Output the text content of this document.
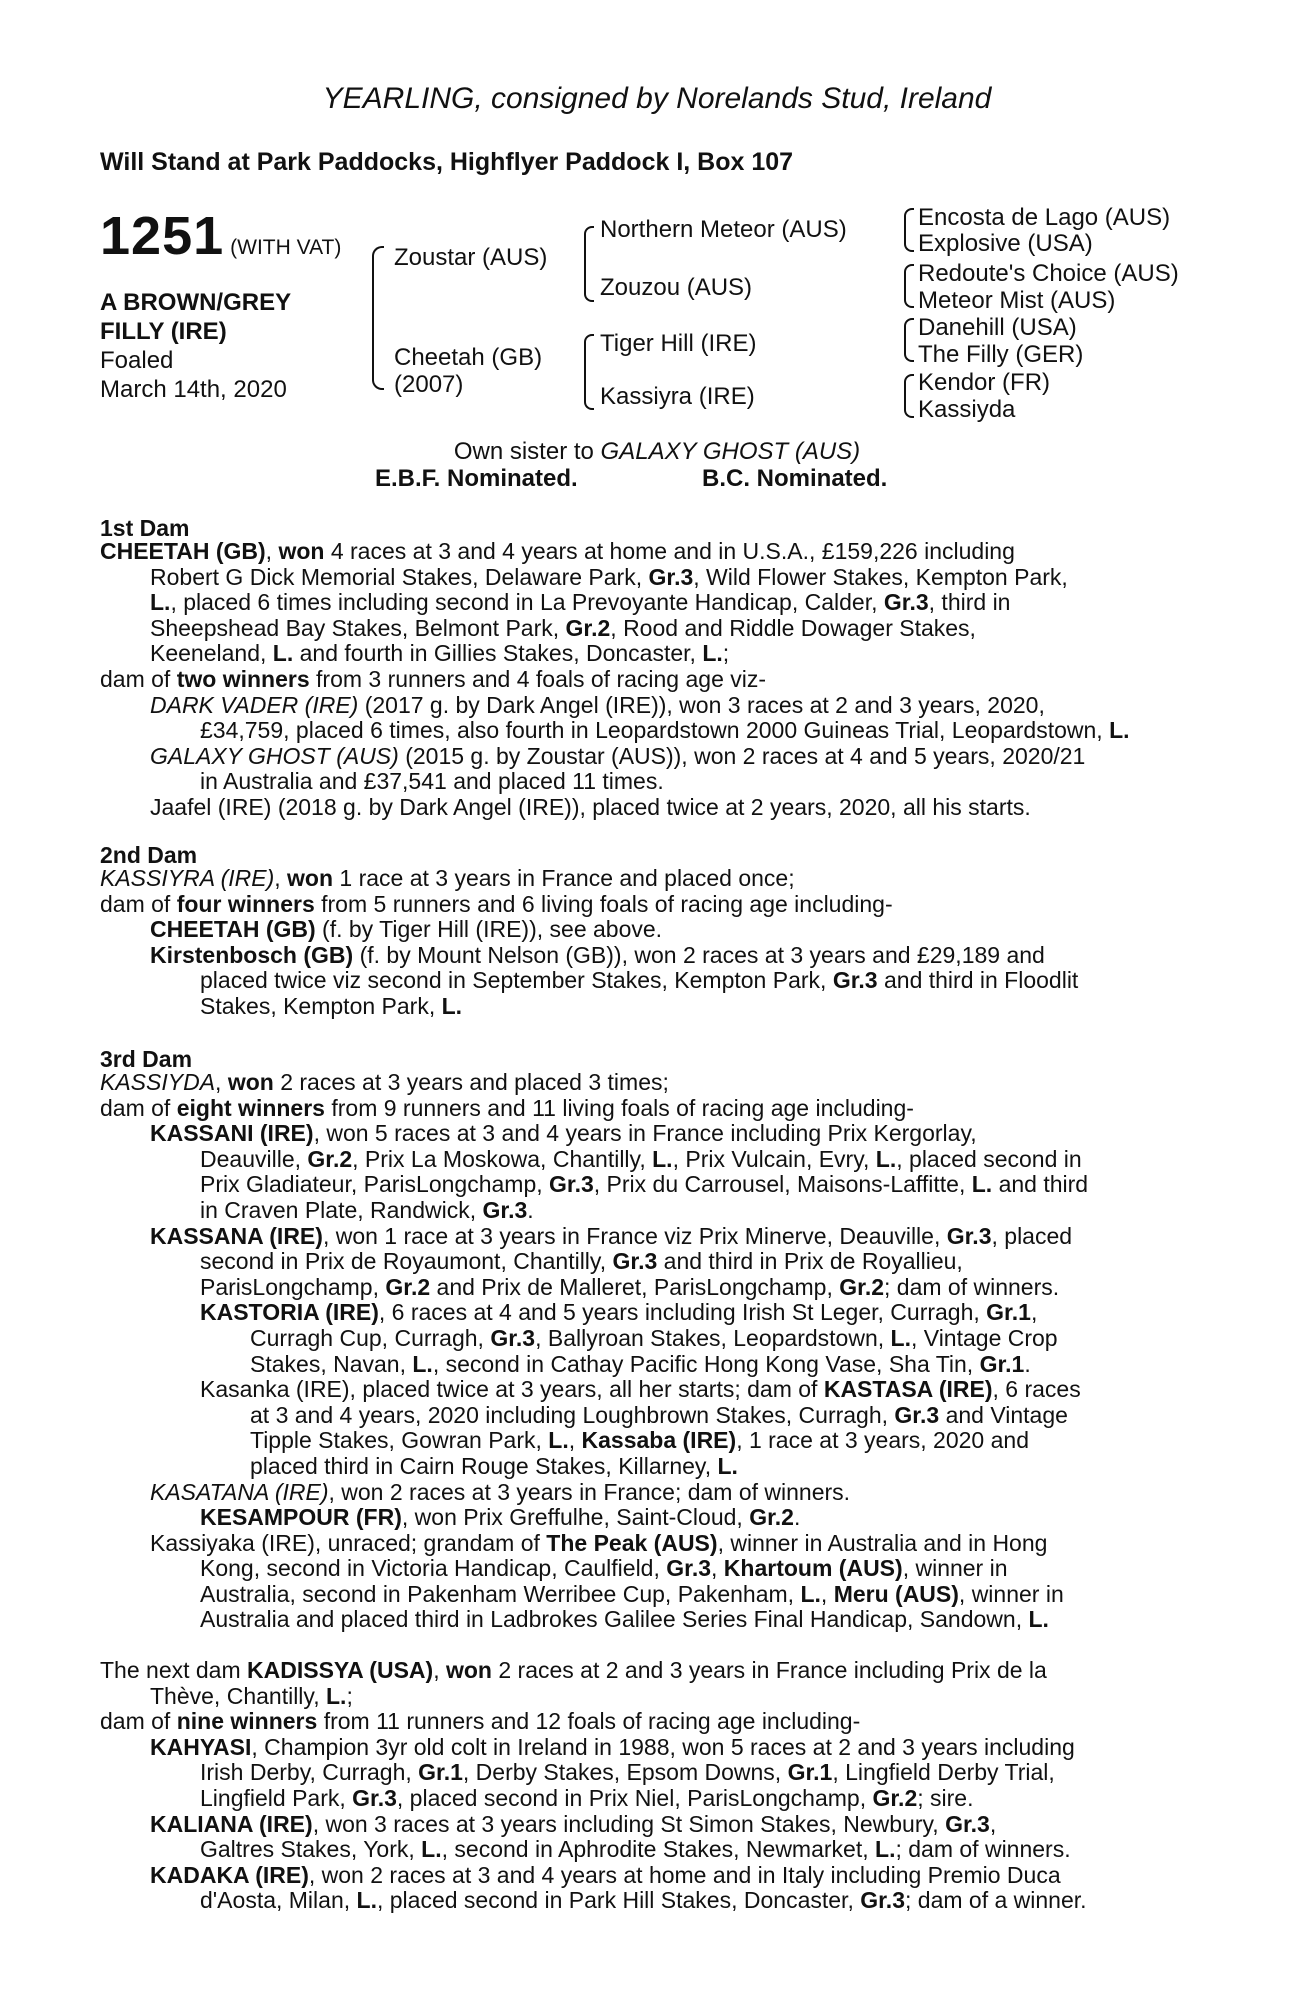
YEARLING, consigned by Norelands Stud, Ireland
Will Stand at Park Paddocks, Highflyer Paddock I, Box 107
1251 (WITH VAT)
A BROWN/GREY
FILLY (IRE)
Foaled
March 14th, 2020
Zoustar (AUS)
Cheetah (GB)
(2007)
Northern Meteor (AUS)
Zouzou (AUS)
Tiger Hill (IRE)
Kassiyra (IRE)
Encosta de Lago (AUS)
Explosive (USA)
Redoute's Choice (AUS)
Meteor Mist (AUS)
Danehill (USA)
The Filly (GER)
Kendor (FR)
Kassiyda
Own sister to GALAXY GHOST (AUS)
E.B.F. Nominated.	B.C. Nominated.
1st Dam
CHEETAH (GB), won 4 races at 3 and 4 years at home and in U.S.A., £159,226 including
Robert G Dick Memorial Stakes, Delaware Park, Gr.3, Wild Flower Stakes, Kempton Park,
L., placed 6 times including second in La Prevoyante Handicap, Calder, Gr.3, third in
Sheepshead Bay Stakes, Belmont Park, Gr.2, Rood and Riddle Dowager Stakes,
Keeneland, L. and fourth in Gillies Stakes, Doncaster, L.;
dam of two winners from 3 runners and 4 foals of racing age viz-
DARK VADER (IRE) (2017 g. by Dark Angel (IRE)), won 3 races at 2 and 3 years, 2020,
£34,759, placed 6 times, also fourth in Leopardstown 2000 Guineas Trial, Leopardstown, L.
GALAXY GHOST (AUS) (2015 g. by Zoustar (AUS)), won 2 races at 4 and 5 years, 2020/21
in Australia and £37,541 and placed 11 times.
Jaafel (IRE) (2018 g. by Dark Angel (IRE)), placed twice at 2 years, 2020, all his starts.
2nd Dam
KASSIYRA (IRE), won 1 race at 3 years in France and placed once;
dam of four winners from 5 runners and 6 living foals of racing age including-
CHEETAH (GB) (f. by Tiger Hill (IRE)), see above.
Kirstenbosch (GB) (f. by Mount Nelson (GB)), won 2 races at 3 years and £29,189 and
placed twice viz second in September Stakes, Kempton Park, Gr.3 and third in Floodlit
Stakes, Kempton Park, L.
3rd Dam
KASSIYDA, won 2 races at 3 years and placed 3 times;
dam of eight winners from 9 runners and 11 living foals of racing age including-
KASSANI (IRE), won 5 races at 3 and 4 years in France including Prix Kergorlay,
Deauville, Gr.2, Prix La Moskowa, Chantilly, L., Prix Vulcain, Evry, L., placed second in
Prix Gladiateur, ParisLongchamp, Gr.3, Prix du Carrousel, Maisons-Laffitte, L. and third
in Craven Plate, Randwick, Gr.3.
KASSANA (IRE), won 1 race at 3 years in France viz Prix Minerve, Deauville, Gr.3, placed
second in Prix de Royaumont, Chantilly, Gr.3 and third in Prix de Royallieu,
ParisLongchamp, Gr.2 and Prix de Malleret, ParisLongchamp, Gr.2; dam of winners.
KASTORIA (IRE), 6 races at 4 and 5 years including Irish St Leger, Curragh, Gr.1,
Curragh Cup, Curragh, Gr.3, Ballyroan Stakes, Leopardstown, L., Vintage Crop
Stakes, Navan, L., second in Cathay Pacific Hong Kong Vase, Sha Tin, Gr.1.
Kasanka (IRE), placed twice at 3 years, all her starts; dam of KASTASA (IRE), 6 races
at 3 and 4 years, 2020 including Loughbrown Stakes, Curragh, Gr.3 and Vintage
Tipple Stakes, Gowran Park, L., Kassaba (IRE), 1 race at 3 years, 2020 and
placed third in Cairn Rouge Stakes, Killarney, L.
KASATANA (IRE), won 2 races at 3 years in France; dam of winners.
KESAMPOUR (FR), won Prix Greffulhe, Saint-Cloud, Gr.2.
Kassiyaka (IRE), unraced; grandam of The Peak (AUS), winner in Australia and in Hong
Kong, second in Victoria Handicap, Caulfield, Gr.3, Khartoum (AUS), winner in
Australia, second in Pakenham Werribee Cup, Pakenham, L., Meru (AUS), winner in
Australia and placed third in Ladbrokes Galilee Series Final Handicap, Sandown, L.
The next dam KADISSYA (USA), won 2 races at 2 and 3 years in France including Prix de la
Thève, Chantilly, L.;
dam of nine winners from 11 runners and 12 foals of racing age including-
KAHYASI, Champion 3yr old colt in Ireland in 1988, won 5 races at 2 and 3 years including
Irish Derby, Curragh, Gr.1, Derby Stakes, Epsom Downs, Gr.1, Lingfield Derby Trial,
Lingfield Park, Gr.3, placed second in Prix Niel, ParisLongchamp, Gr.2; sire.
KALIANA (IRE), won 3 races at 3 years including St Simon Stakes, Newbury, Gr.3,
Galtres Stakes, York, L., second in Aphrodite Stakes, Newmarket, L.; dam of winners.
KADAKA (IRE), won 2 races at 3 and 4 years at home and in Italy including Premio Duca
d'Aosta, Milan, L., placed second in Park Hill Stakes, Doncaster, Gr.3; dam of a winner.
